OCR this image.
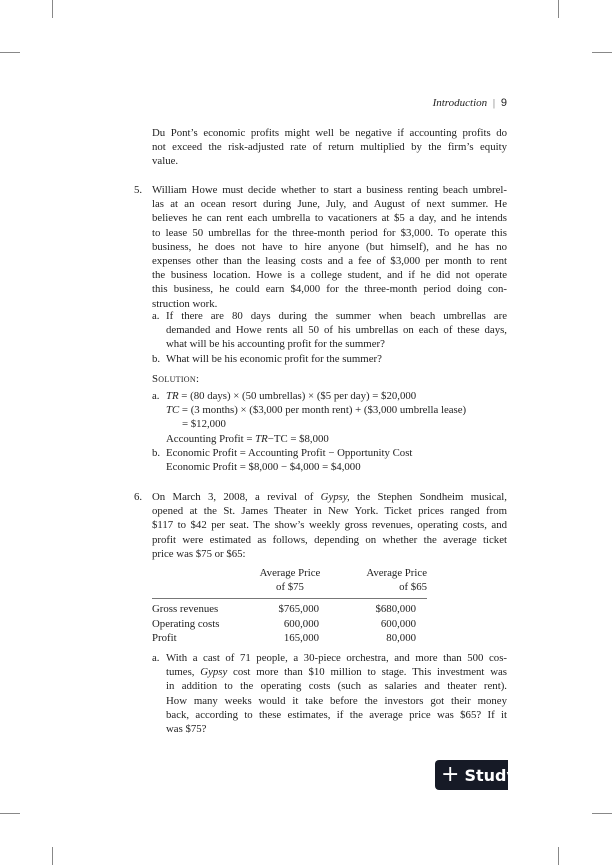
Introduction | 9
Du Pont’s economic profits might well be negative if accounting profits do
not exceed the risk-adjusted rate of return multiplied by the firm’s equity
value.
5. William Howe must decide whether to start a business renting beach umbrel-
las at an ocean resort during June, July, and August of next summer. He
believes he can rent each umbrella to vacationers at $5 a day, and he intends
to lease 50 umbrellas for the three-month period for $3,000. To operate this
business, he does not have to hire anyone (but himself), and he has no
expenses other than the leasing costs and a fee of $3,000 per month to rent
the business location. Howe is a college student, and if he did not operate
this business, he could earn $4,000 for the three-month period doing con-
struction work.
a. If there are 80 days during the summer when beach umbrellas are
demanded and Howe rents all 50 of his umbrellas on each of these days,
what will be his accounting profit for the summer?
b. What will be his economic profit for the summer?
Solution:
a. TR = (80 days) × (50 umbrellas) × ($5 per day) = $20,000
TC = (3 months) × ($3,000 per month rent) + ($3,000 umbrella lease)
= $12,000
Accounting Profit = TR−TC = $8,000
b. Economic Profit = Accounting Profit − Opportunity Cost
Economic Profit = $8,000 − $4,000 = $4,000
6. On March 3, 2008, a revival of Gypsy, the Stephen Sondheim musical,
opened at the St. James Theater in New York. Ticket prices ranged from
$117 to $42 per seat. The show’s weekly gross revenues, operating costs, and
profit were estimated as follows, depending on whether the average ticket
price was $75 or $65:
a. With a cast of 71 people, a 30-piece orchestra, and more than 500 cos-
tumes, Gypsy cost more than $10 million to stage. This investment was
in addition to the operating costs (such as salaries and theater rent).
How many weeks would it take before the investors got their money
back, according to these estimates, if the average price was $65? If it
was $75?
	Average Price
of $75	Average Price
of $65
Gross revenues	$765,000	$680,000
Operating costs	600,000	600,000
Profit	165,000	80,000
+ Study
